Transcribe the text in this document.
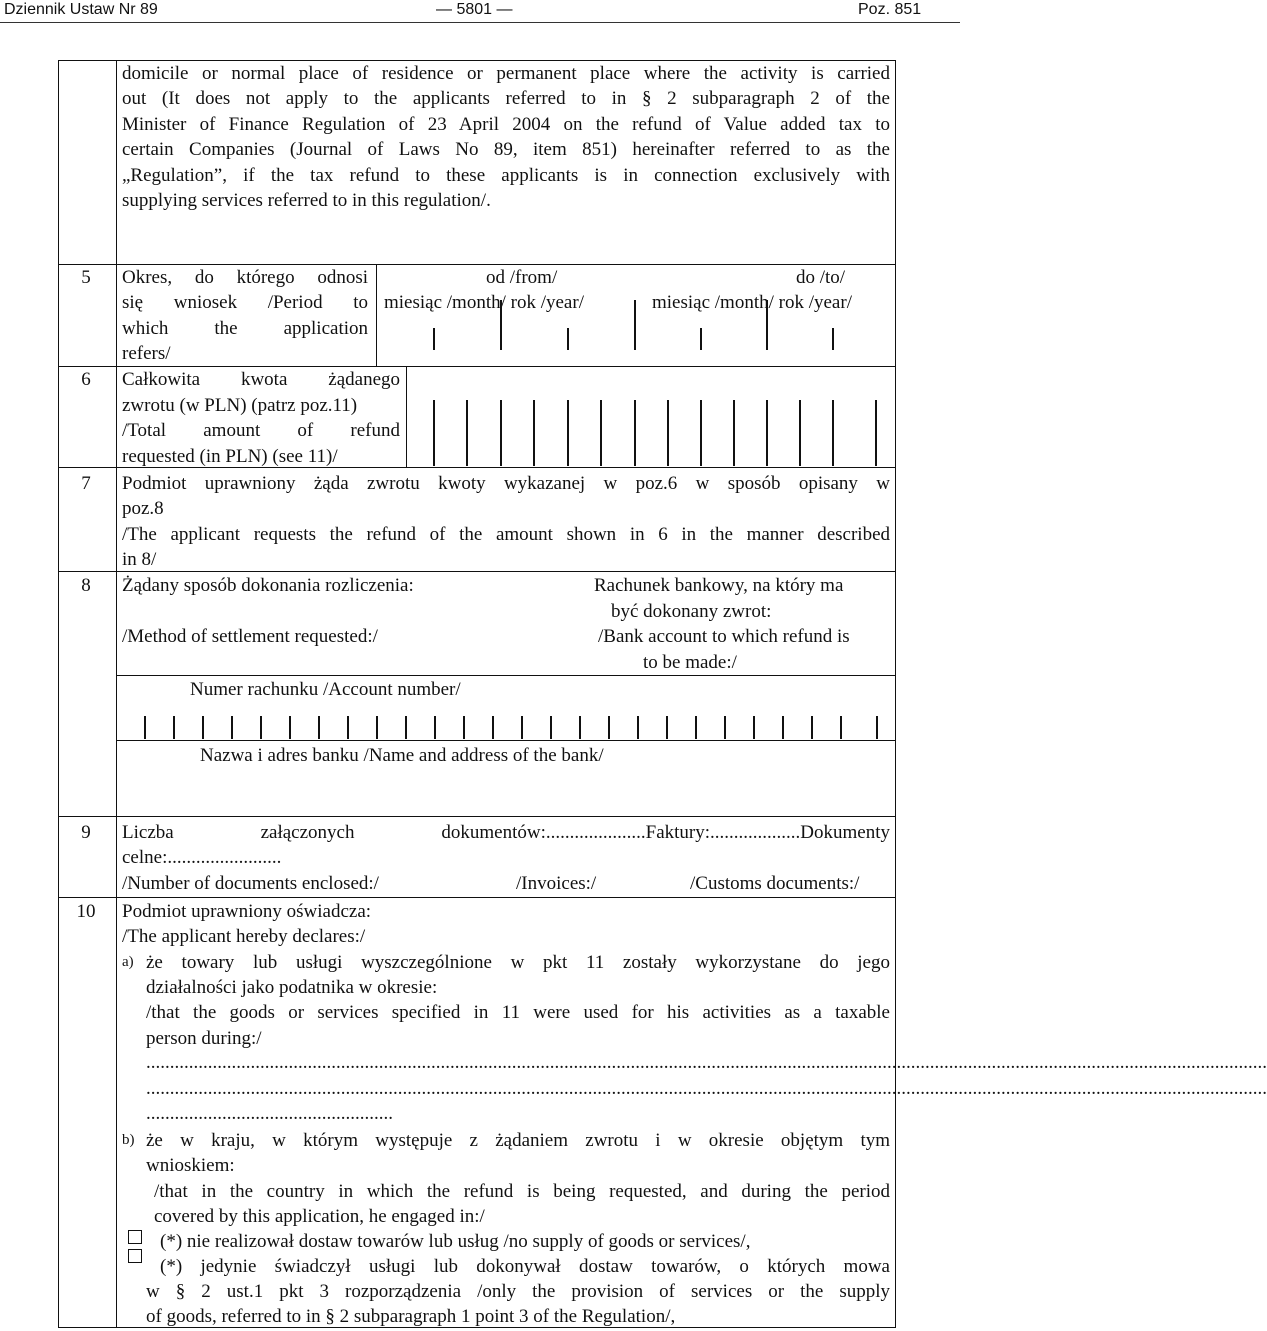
Dziennik Ustaw Nr 89	— 5801 —	Poz. 851
domicile or normal place of residence or permanent place where the activity is carried
out (It does not apply to the applicants referred to in § 2 subparagraph 2 of the
Minister of Finance Regulation of 23 April 2004 on the refund of Value added tax to
certain Companies (Journal of Laws No 89, item 851) hereinafter referred to as the
„Regulation”, if the tax refund to these applicants is in connection exclusively with
supplying services referred to in this regulation/.
5	Okres, do którego odnosi
się wniosek /Period to
which the application
refers/
od /from/	do /to/
miesiąc /month/ rok /year/	miesiąc /month/ rok /year/
6	Całkowita kwota żądanego
zwrotu (w PLN) (patrz poz.11)
/Total amount of refund
requested (in PLN) (see 11)/
7	Podmiot uprawniony żąda zwrotu kwoty wykazanej w poz.6 w sposób opisany w
poz.8
/The applicant requests the refund of the amount shown in 6 in the manner described
in 8/
8	Żądany sposób dokonania rozliczenia:
/Method of settlement requested:/
Rachunek bankowy, na który ma
być dokonany zwrot:
/Bank account to which refund is
to be made:/
Numer rachunku /Account number/
Nazwa i adres banku /Name and address of the bank/
9	Liczba załączonych dokumentów:.....................Faktury:...................Dokumenty
celne:........................
/Number of documents enclosed:/	/Invoices:/	/Customs documents:/
10	Podmiot uprawniony oświadcza:
/The applicant hereby declares:/
a) że towary lub usługi wyszczególnione w pkt 11 zostały wykorzystane do jego
działalności jako podatnika w okresie:
/that the goods or services specified in 11 were used for his activities as a taxable
person during:/
............................................................................................................................................................................................................................................
............................................................................................................................................................................................................................................
....................................................
b) że w kraju, w którym występuje z żądaniem zwrotu i w okresie objętym tym
wnioskiem:
/that in the country in which the refund is being requested, and during the period
covered by this application, he engaged in:/
(*) nie realizował dostaw towarów lub usług /no supply of goods or services/,
(*) jedynie świadczył usługi lub dokonywał dostaw towarów, o których mowa
w § 2 ust.1 pkt 3 rozporządzenia /only the provision of services or the supply
of goods, referred to in § 2 subparagraph 1 point 3 of the Regulation/,
